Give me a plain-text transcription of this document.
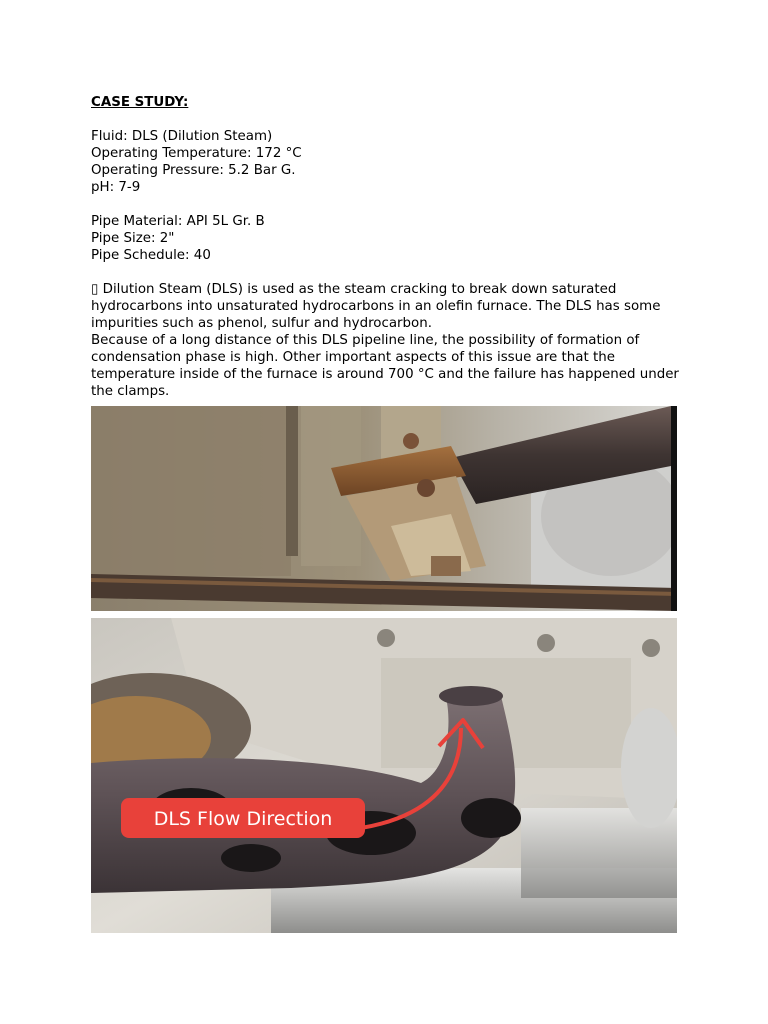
CASE STUDY:

Fluid: DLS (Dilution Steam)

Operating Temperature: 172 °C

Operating Pressure: 5.2 Bar G.

pH: 7-9

Pipe Material: API 5L Gr. B

Pipe Size: 2"

Pipe Schedule: 40

▯ Dilution Steam (DLS) is used as the steam cracking to break down saturated hydrocarbons into unsaturated hydrocarbons in an olefin furnace. The DLS has some impurities such as phenol, sulfur and hydrocarbon.

Because of a long distance of this DLS pipeline line, the possibility of formation of condensation phase is high. Other important aspects of this issue are that the temperature inside of the furnace is around 700 °C and the failure has happened under the clamps.

DLS Flow Direction
